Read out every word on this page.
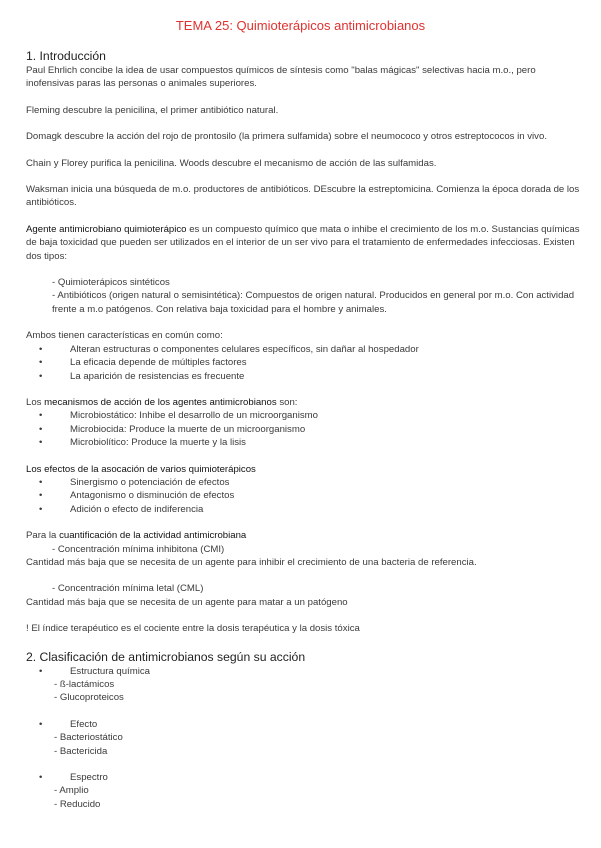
TEMA 25: Quimioterápicos antimicrobianos
1. Introducción

Paul Ehrlich concibe la idea de usar compuestos químicos de síntesis como "balas mágicas" selectivas hacia m.o., pero inofensivas paras las personas o animales superiores.

Fleming descubre la penicilina, el primer antibiótico natural.

Domagk descubre la acción del rojo de prontosilo (la primera sulfamida) sobre el neumococo y otros estreptococos in vivo.

Chain y Florey purifica la penicilina. Woods descubre el mecanismo de acción de las sulfamidas.

Waksman inicia una búsqueda de m.o. productores de antibióticos. DEscubre la estreptomicina. Comienza la época dorada de los antibióticos.

Agente antimicrobiano quimioterápico es un compuesto químico que mata o inhibe el crecimiento de los m.o. Sustancias químicas de baja toxicidad que pueden ser utilizados en el interior de un ser vivo para el tratamiento de enfermedades infecciosas. Existen dos tipos:

- Quimioterápicos sintéticos

- Antibióticos (origen natural o semisintética): Compuestos de origen natural. Producidos en general por m.o. Con actividad frente a m.o patógenos. Con relativa baja toxicidad para el hombre y animales.

Ambos tienen características en común como:

•	Alteran estructuras o componentes celulares específicos, sin dañar al hospedador
•	La eficacia depende de múltiples factores
•	La aparición de resistencias es frecuente

Los mecanismos de acción de los agentes antimicrobianos son:

•	Microbiostático: Inhibe el desarrollo de un microorganismo
•	Microbiocida: Produce la muerte de un microorganismo
•	Microbiolítico: Produce la muerte y la lisis

Los efectos de la asocación de varios quimioterápicos

•	Sinergismo o potenciación de efectos
•	Antagonismo o disminución de efectos
•	Adición o efecto de indiferencia

Para la cuantificación de la actividad antimicrobiana

- Concentración mínima inhibitona (CMI)

Cantidad más baja que se necesita de un agente para inhibir el crecimiento de una bacteria de referencia.

- Concentración mínima letal (CML)

Cantidad más baja que se necesita de un agente para matar a un patógeno

! El índice terapéutico es el cociente entre la dosis terapéutica y la dosis tóxica

2. Clasificación de antimicrobianos según su acción

•	Estructura química

- ß-lactámicos

- Glucoproteicos

•	Efecto

- Bacteriostático

- Bactericida

•	Espectro

- Amplio

- Reducido
